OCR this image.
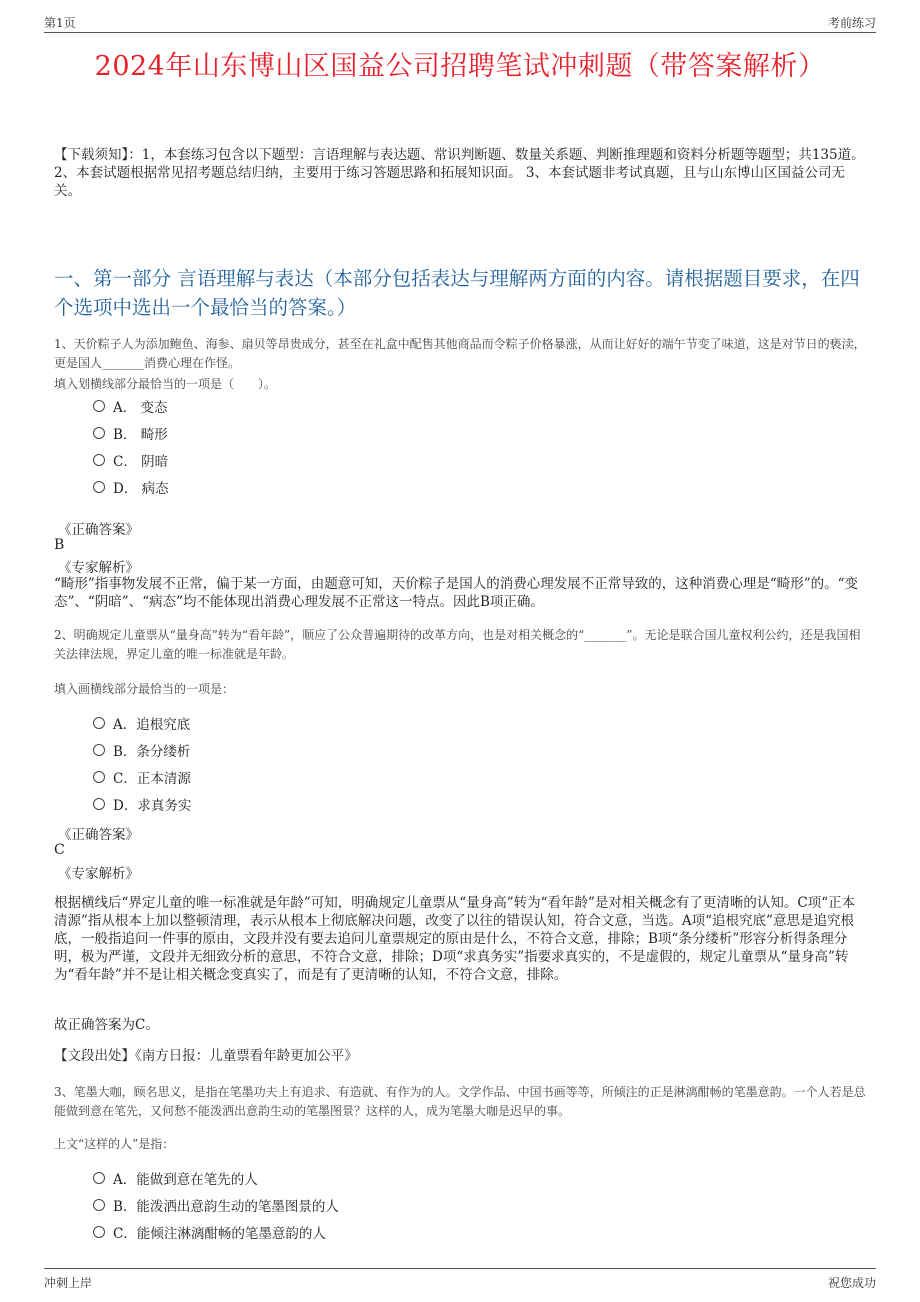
第1页	考前练习
2024年山东博山区国益公司招聘笔试冲刺题（带答案解析）
【下载须知】：1，本套练习包含以下题型：言语理解与表达题、常识判断题、数量关系题、判断推理题和资料分析题等题型；共135道。 2、本套试题根据常见招考题总结归纳，主要用于练习答题思路和拓展知识面。 3、本套试题非考试真题，且与山东博山区国益公司无关。
一、第一部分 言语理解与表达（本部分包括表达与理解两方面的内容。请根据题目要求，在四个选项中选出一个最恰当的答案。）
1、天价粽子人为添加鲍鱼、海参、扇贝等昂贵成分，甚至在礼盒中配售其他商品而令粽子价格暴涨，从而让好好的端午节变了味道，这是对节日的亵渎，更是国人_______消费心理在作怪。
填入划横线部分最恰当的一项是（　　）。
A． 变态
B． 畸形
C． 阴暗
D． 病态
《正确答案》
B
《专家解析》
“畸形”指事物发展不正常，偏于某一方面，由题意可知，天价粽子是国人的消费心理发展不正常导致的，这种消费心理是“畸形”的。“变态”、“阴暗”、“病态”均不能体现出消费心理发展不正常这一特点。因此B项正确。
2、明确规定儿童票从“量身高”转为“看年龄”，顺应了公众普遍期待的改革方向，也是对相关概念的“_______”。无论是联合国儿童权利公约，还是我国相关法律法规，界定儿童的唯一标准就是年龄。
填入画横线部分最恰当的一项是：
A．追根究底
B．条分缕析
C．正本清源
D．求真务实
《正确答案》
C
《专家解析》
根据横线后“界定儿童的唯一标准就是年龄”可知，明确规定儿童票从“量身高”转为“看年龄”是对相关概念有了更清晰的认知。C项“正本清源”指从根本上加以整顿清理，表示从根本上彻底解决问题，改变了以往的错误认知，符合文意，当选。A项“追根究底”意思是追究根底，一般指追问一件事的原由，文段并没有要去追问儿童票规定的原由是什么，不符合文意，排除；B项“条分缕析”形容分析得条理分明，极为严谨，文段并无细致分析的意思，不符合文意，排除；D项“求真务实”指要求真实的，不是虚假的，规定儿童票从“量身高”转为“看年龄”并不是让相关概念变真实了，而是有了更清晰的认知，不符合文意，排除。
故正确答案为C。
【文段出处】《南方日报：儿童票看年龄更加公平》
3、笔墨大咖，顾名思义，是指在笔墨功夫上有追求、有造就、有作为的人。文学作品、中国书画等等，所倾注的正是淋漓酣畅的笔墨意韵。一个人若是总能做到意在笔先，又何愁不能泼洒出意韵生动的笔墨图景？这样的人，成为笔墨大咖是迟早的事。
上文“这样的人”是指：
A．能做到意在笔先的人
B．能泼洒出意韵生动的笔墨图景的人
C．能倾注淋漓酣畅的笔墨意韵的人
冲刺上岸	祝您成功
